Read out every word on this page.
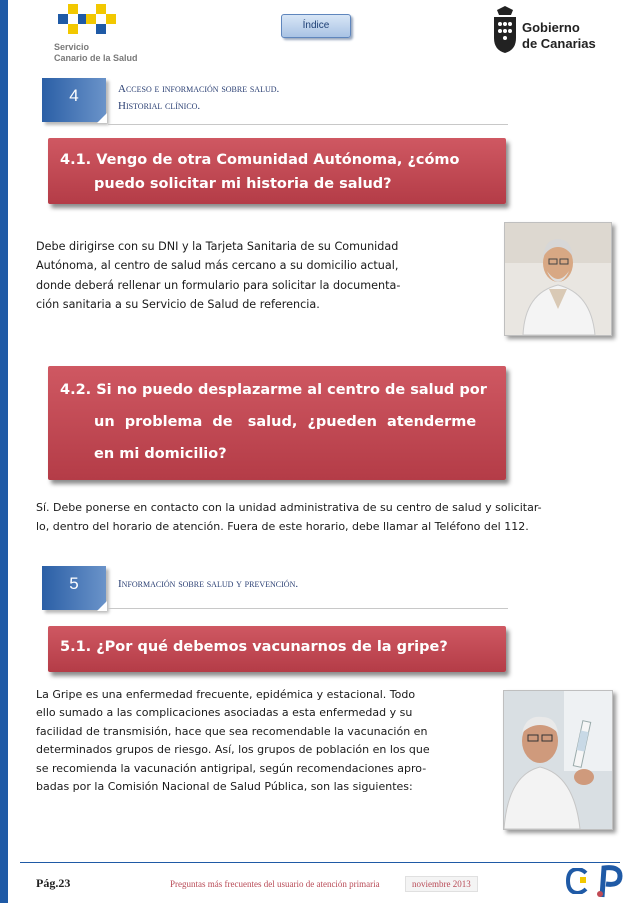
Servicio
Canario de la Salud
Índice	Gobierno
de Canarias
4	Acceso e información sobre salud.
Historial clínico.
4.1. Vengo de otra Comunidad Autónoma, ¿cómo
puedo solicitar mi historia de salud?
Debe dirigirse con su DNI y la Tarjeta Sanitaria de su Comunidad
Autónoma, al centro de salud más cercano a su domicilio actual,
donde deberá rellenar un formulario para solicitar la documenta-
ción sanitaria a su Servicio de Salud de referencia.
4.2. Si no puedo desplazarme al centro de salud por
un  problema  de   salud,  ¿pueden  atenderme
en mi domicilio?
Sí. Debe ponerse en contacto con la unidad administrativa de su centro de salud y solicitar-
lo, dentro del horario de atención. Fuera de este horario, debe llamar al Teléfono del 112.
5	Información sobre salud y prevención.
5.1. ¿Por qué debemos vacunarnos de la gripe?
La Gripe es una enfermedad frecuente, epidémica y estacional. Todo
ello sumado a las complicaciones asociadas a esta enfermedad y su
facilidad de transmisión, hace que sea recomendable la vacunación en
determinados grupos de riesgo. Así, los grupos de población en los que
se recomienda la vacunación antigripal, según recomendaciones apro-
badas por la Comisión Nacional de Salud Pública, son las siguientes:
Pág.23	Preguntas más frecuentes del usuario de atención primaria	noviembre 2013
